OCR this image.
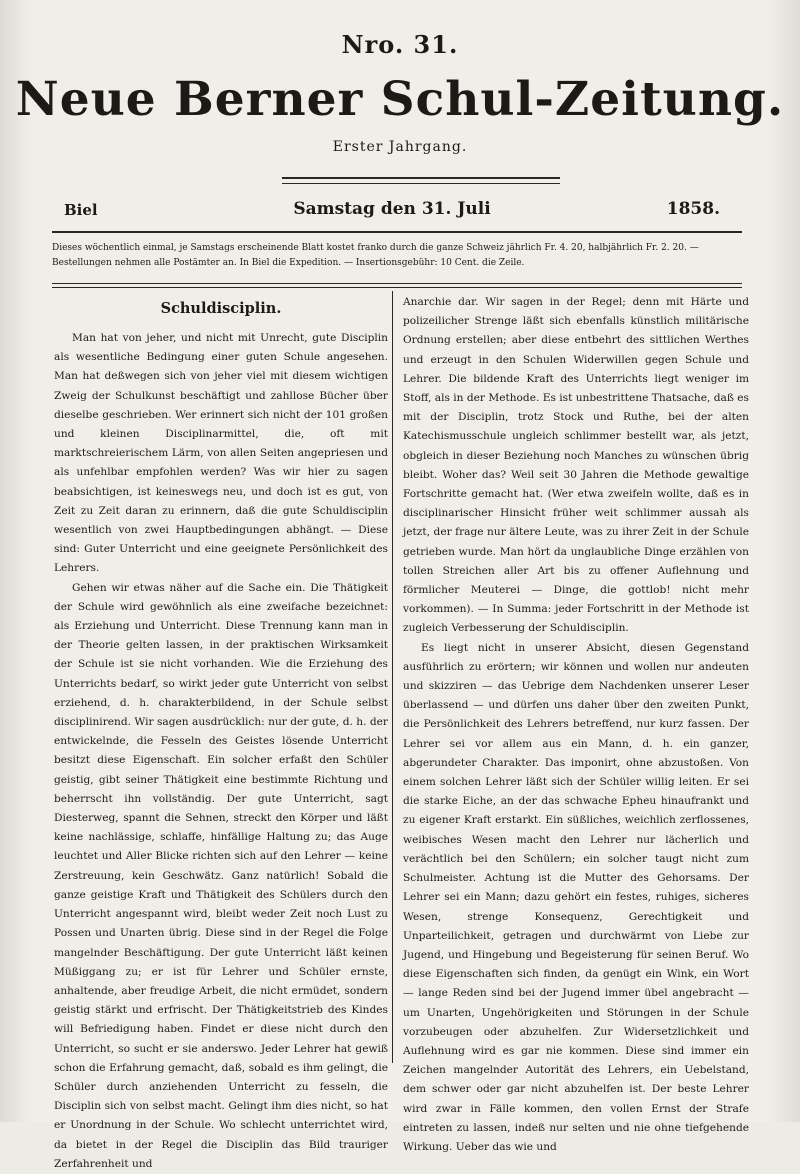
Nro. 31.
Neue Berner Schul-Zeitung.
Erster Jahrgang.
Biel	Samstag den 31. Juli	1858.
Dieses wöchentlich einmal, je Samstags erscheinende Blatt kostet franko durch die ganze Schweiz jährlich Fr. 4. 20, halbjährlich Fr. 2. 20. — Bestellungen nehmen alle Postämter an. In Biel die Expedition. — Insertionsgebühr: 10 Cent. die Zeile.
Schuldisciplin.

Man hat von jeher, und nicht mit Unrecht, gute Disciplin als wesentliche Bedingung einer guten Schule angesehen. Man hat deßwegen sich von jeher viel mit diesem wichtigen Zweig der Schulkunst beschäftigt und zahllose Bücher über dieselbe geschrieben. Wer erinnert sich nicht der 101 großen und kleinen Disciplinarmittel, die, oft mit marktschreierischem Lärm, von allen Seiten angepriesen und als unfehlbar empfohlen werden? Was wir hier zu sagen beabsichtigen, ist keineswegs neu, und doch ist es gut, von Zeit zu Zeit daran zu erinnern, daß die gute Schuldisciplin wesentlich von zwei Hauptbedingungen abhängt. — Diese sind: Guter Unterricht und eine geeignete Persönlichkeit des Lehrers.

Gehen wir etwas näher auf die Sache ein. Die Thätigkeit der Schule wird gewöhnlich als eine zweifache bezeichnet: als Erziehung und Unterricht. Diese Trennung kann man in der Theorie gelten lassen, in der praktischen Wirksamkeit der Schule ist sie nicht vorhanden. Wie die Erziehung des Unterrichts bedarf, so wirkt jeder gute Unterricht von selbst erziehend, d. h. charakterbildend, in der Schule selbst disciplinirend. Wir sagen ausdrücklich: nur der gute, d. h. der entwickelnde, die Fesseln des Geistes lösende Unterricht besitzt diese Eigenschaft. Ein solcher erfaßt den Schüler geistig, gibt seiner Thätigkeit eine bestimmte Richtung und beherrscht ihn vollständig. Der gute Unterricht, sagt Diesterweg, spannt die Sehnen, streckt den Körper und läßt keine nachlässige, schlaffe, hinfällige Haltung zu; das Auge leuchtet und Aller Blicke richten sich auf den Lehrer — keine Zerstreuung, kein Geschwätz. Ganz natürlich! Sobald die ganze geistige Kraft und Thätigkeit des Schülers durch den Unterricht angespannt wird, bleibt weder Zeit noch Lust zu Possen und Unarten übrig. Diese sind in der Regel die Folge mangelnder Beschäftigung. Der gute Unterricht läßt keinen Müßiggang zu; er ist für Lehrer und Schüler ernste, anhaltende, aber freudige Arbeit, die nicht ermüdet, sondern geistig stärkt und erfrischt. Der Thätigkeitstrieb des Kindes will Befriedigung haben. Findet er diese nicht durch den Unterricht, so sucht er sie anderswo. Jeder Lehrer hat gewiß schon die Erfahrung gemacht, daß, sobald es ihm gelingt, die Schüler durch anziehenden Unterricht zu fesseln, die Disciplin sich von selbst macht. Gelingt ihm dies nicht, so hat er Unordnung in der Schule. Wo schlecht unterrichtet wird, da bietet in der Regel die Disciplin das Bild trauriger Zerfahrenheit und

Anarchie dar. Wir sagen in der Regel; denn mit Härte und polizeilicher Strenge läßt sich ebenfalls künstlich militärische Ordnung erstellen; aber diese entbehrt des sittlichen Werthes und erzeugt in den Schulen Widerwillen gegen Schule und Lehrer. Die bildende Kraft des Unterrichts liegt weniger im Stoff, als in der Methode. Es ist unbestrittene Thatsache, daß es mit der Disciplin, trotz Stock und Ruthe, bei der alten Katechismusschule ungleich schlimmer bestellt war, als jetzt, obgleich in dieser Beziehung noch Manches zu wünschen übrig bleibt. Woher das? Weil seit 30 Jahren die Methode gewaltige Fortschritte gemacht hat. (Wer etwa zweifeln wollte, daß es in disciplinarischer Hinsicht früher weit schlimmer aussah als jetzt, der frage nur ältere Leute, was zu ihrer Zeit in der Schule getrieben wurde. Man hört da unglaubliche Dinge erzählen von tollen Streichen aller Art bis zu offener Auflehnung und förmlicher Meuterei — Dinge, die gottlob! nicht mehr vorkommen). — In Summa: jeder Fortschritt in der Methode ist zugleich Verbesserung der Schuldisciplin.

Es liegt nicht in unserer Absicht, diesen Gegenstand ausführlich zu erörtern; wir können und wollen nur andeuten und skizziren — das Uebrige dem Nachdenken unserer Leser überlassend — und dürfen uns daher über den zweiten Punkt, die Persönlichkeit des Lehrers betreffend, nur kurz fassen. Der Lehrer sei vor allem aus ein Mann, d. h. ein ganzer, abgerundeter Charakter. Das imponirt, ohne abzustoßen. Von einem solchen Lehrer läßt sich der Schüler willig leiten. Er sei die starke Eiche, an der das schwache Epheu hinaufrankt und zu eigener Kraft erstarkt. Ein süßliches, weichlich zerflossenes, weibisches Wesen macht den Lehrer nur lächerlich und verächtlich bei den Schülern; ein solcher taugt nicht zum Schulmeister. Achtung ist die Mutter des Gehorsams. Der Lehrer sei ein Mann; dazu gehört ein festes, ruhiges, sicheres Wesen, strenge Konsequenz, Gerechtigkeit und Unparteilichkeit, getragen und durchwärmt von Liebe zur Jugend, und Hingebung und Begeisterung für seinen Beruf. Wo diese Eigenschaften sich finden, da genügt ein Wink, ein Wort — lange Reden sind bei der Jugend immer übel angebracht — um Unarten, Ungehörigkeiten und Störungen in der Schule vorzubeugen oder abzuhelfen. Zur Widersetzlichkeit und Auflehnung wird es gar nie kommen. Diese sind immer ein Zeichen mangelnder Autorität des Lehrers, ein Uebelstand, dem schwer oder gar nicht abzuhelfen ist. Der beste Lehrer wird zwar in Fälle kommen, den vollen Ernst der Strafe eintreten zu lassen, indeß nur selten und nie ohne tiefgehende Wirkung. Ueber das wie und
